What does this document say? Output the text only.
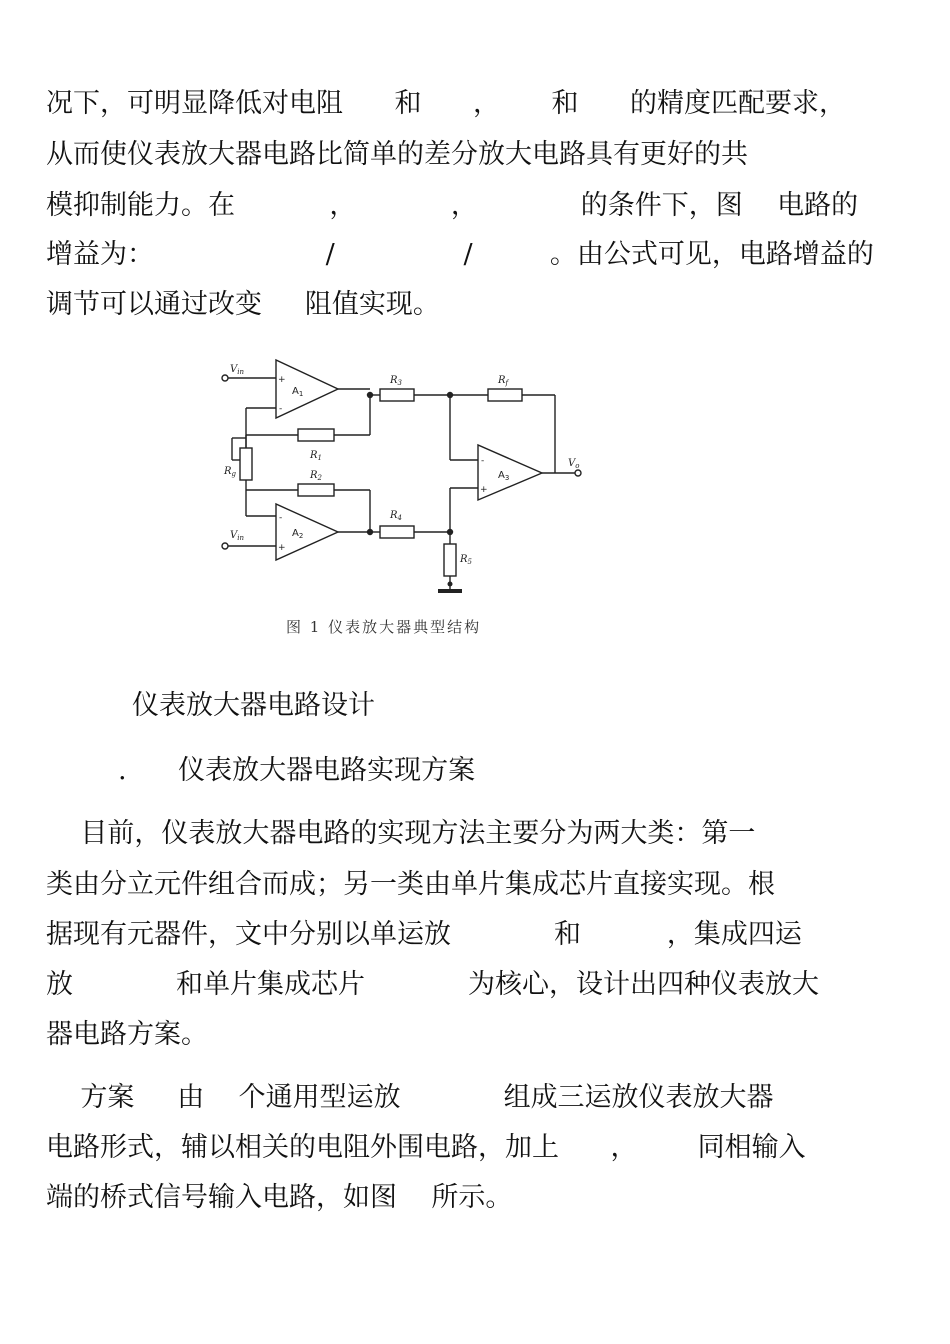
况下，可明显降低对电阻      和      ，      和      的精度匹配要求，
从而使仪表放大器电路比简单的差分放大电路具有更好的共
模抑制能力。在           ，           ，            的条件下，图    电路的
增益为：                    /               /         。由公式可见，电路增益的
调节可以通过改变     阻值实现。
$V_{in}$
$V_{in}$
$V_o$
$R_1$
$R_2$
$R_3$
$R_4$
$R_5$
$R_f$
$R_g$
$A_1$
$A_2$
$A_3$
+
-
-
+
-
+
图 1 仪表放大器典型结构
仪表放大器电路设计
.      仪表放大器电路实现方案
目前，仪表放大器电路的实现方法主要分为两大类：第一
类由分立元件组合而成；另一类由单片集成芯片直接实现。根
据现有元器件，文中分别以单运放            和          ，集成四运
放            和单片集成芯片            为核心，设计出四种仪表放大
器电路方案。
方案     由    个通用型运放            组成三运放仪表放大器
电路形式，辅以相关的电阻外围电路，加上      ，       同相输入
端的桥式信号输入电路，如图    所示。
